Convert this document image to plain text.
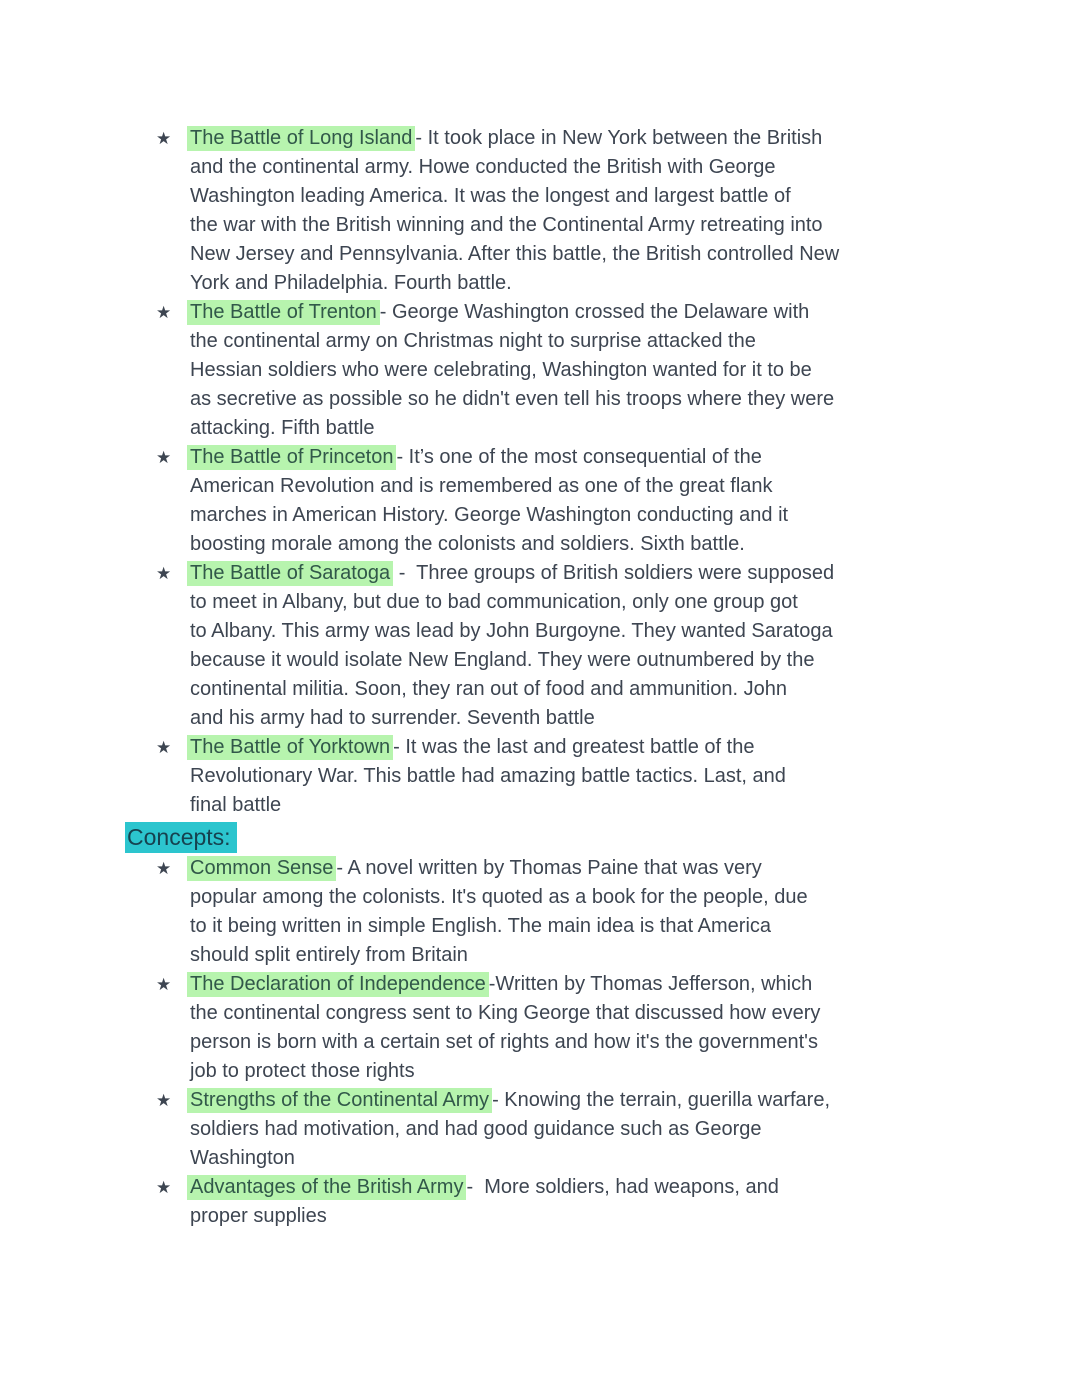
★ The Battle of Long Island - It took place in New York between the British
and the continental army. Howe conducted the British with George
Washington leading America. It was the longest and largest battle of
the war with the British winning and the Continental Army retreating into
New Jersey and Pennsylvania. After this battle, the British controlled New
York and Philadelphia. Fourth battle.
★ The Battle of Trenton - George Washington crossed the Delaware with
the continental army on Christmas night to surprise attacked the
Hessian soldiers who were celebrating, Washington wanted for it to be
as secretive as possible so he didn't even tell his troops where they were
attacking. Fifth battle
★ The Battle of Princeton - It’s one of the most consequential of the
American Revolution and is remembered as one of the great flank
marches in American History. George Washington conducting and it
boosting morale among the colonists and soldiers. Sixth battle.
★ The Battle of Saratoga -  Three groups of British soldiers were supposed
to meet in Albany, but due to bad communication, only one group got
to Albany. This army was lead by John Burgoyne. They wanted Saratoga
because it would isolate New England. They were outnumbered by the
continental militia. Soon, they ran out of food and ammunition. John
and his army had to surrender. Seventh battle
★ The Battle of Yorktown - It was the last and greatest battle of the
Revolutionary War. This battle had amazing battle tactics. Last, and
final battle
Concepts:
★ Common Sense - A novel written by Thomas Paine that was very
popular among the colonists. It's quoted as a book for the people, due
to it being written in simple English. The main idea is that America
should split entirely from Britain
★ The Declaration of Independence -Written by Thomas Jefferson, which
the continental congress sent to King George that discussed how every
person is born with a certain set of rights and how it's the government's
job to protect those rights
★ Strengths of the Continental Army - Knowing the terrain, guerilla warfare,
soldiers had motivation, and had good guidance such as George
Washington
★ Advantages of the British Army -  More soldiers, had weapons, and
proper supplies
